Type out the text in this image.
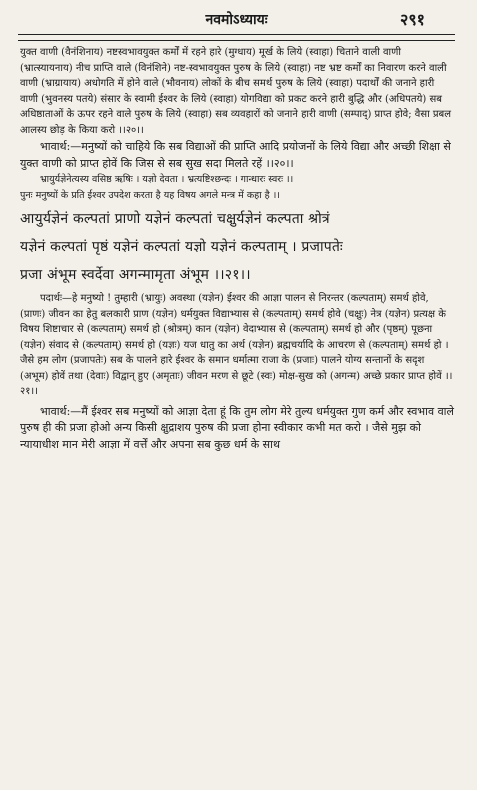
नवमोऽध्यायः	२९१

युक्त वाणी (वैनंशिनाय) नष्टस्वभावयुक्त कर्मों में रहने हारे (मुग्धाय) मूर्ख के लिये (स्वाहा) चिताने वाली वाणी (भ्रात्स्यायनाय) नीच प्राप्ति वाले (विनंशिने) नष्ट-स्वभावयुक्त पुरुष के लिये (स्वाहा) नष्ट भ्रष्ट कर्मों का निवारण करने वाली वाणी (भ्राग्रायाय) अधोगति में होने वाले (भौवनाय) लोकों के बीच समर्थ पुरुष के लिये (स्वाहा) पदार्थों की जनाने हारी वाणी (भुवनस्य पतये) संसार के स्वामी ईश्वर के लिये (स्वाहा) योगविद्या को प्रकट करने हारी बुद्धि और (अधिपतये) सब अधिष्ठाताओं के ऊपर रहने वाले पुरुष के लिये (स्वाहा) सब व्यवहारों को जनाने हारी वाणी (सम्पाद्) प्राप्त होवे; वैसा प्रबल आलस्य छोड़ के किया करो ।।२०।।

भावार्थ:—मनुष्यों को चाहिये कि सब विद्याओं की प्राप्ति आदि प्रयोजनों के लिये विद्या और अच्छी शिक्षा से युक्त वाणी को प्राप्त होवें कि जिस से सब सुख सदा मिलते रहें ।।२०।।

भ्रायुर्यज्ञेनेत्यस्य वसिष्ठ ऋषिः । यज्ञो देवता । भ्रत्यष्टिश्छन्दः । गान्धारः स्वरः ।।

पुनः मनुष्यों के प्रति ईश्वर उपदेश करता है यह विषय अगले मन्त्र में कहा है ।।

आयुर्यज्ञेनं कल्पतां प्राणो यज्ञेनं कल्पतां चक्षुर्यज्ञेनं कल्पता श्रोत्रं
यज्ञेनं कल्पतां पृष्ठं यज्ञेनं कल्पतां यज्ञो यज्ञेनं कल्पताम् । प्रजापतेः
प्रजा अंभूम स्वर्देवा अगन्मामृता अंभूम ।।२१।।

पदार्थः—हे मनुष्यो ! तुम्हारी (भ्रायुः) अवस्था (यज्ञेन) ईश्वर की आज्ञा पालन से निरन्तर (कल्पताम्) समर्थ होवे, (प्राणः) जीवन का हेतु बलकारी प्राण (यज्ञेन) धर्मयुक्त विद्याभ्यास से (कल्पताम्) समर्थ होवे (चक्षुः) नेत्र (यज्ञेन) प्रत्यक्ष के विषय शिष्टाचार से (कल्पताम्) समर्थ हो (श्रोत्रम्) कान (यज्ञेन) वेदाभ्यास से (कल्पताम्) समर्थ हो और (पृष्ठम्) पूछना (यज्ञेन) संवाद से (कल्पताम्) समर्थ हो (यज्ञः) यज धातु का अर्थ (यज्ञेन) ब्रह्मचर्यादि के आचरण से (कल्पताम्) समर्थ हो । जैसे हम लोग (प्रजापतेः) सब के पालने हारे ईश्वर के समान धर्मात्मा राजा के (प्रजाः) पालने योग्य सन्तानों के सदृश (अभूम) होवें तथा (देवाः) विद्वान् हुए (अमृताः) जीवन मरण से छूटे (स्वः) मोक्ष-सुख को (अगन्म) अच्छे प्रकार प्राप्त होवें ।।२१।।

भावार्थ:—मैं ईश्वर सब मनुष्यों को आज्ञा देता हूं कि तुम लोग मेरे तुल्य धर्मयुक्त गुण कर्म और स्वभाव वाले पुरुष ही की प्रजा होओ अन्य किसी क्षुद्राशय पुरुष की प्रजा होना स्वीकार कभी मत करो । जैसे मुझ को न्यायाधीश मान मेरी आज्ञा में वर्त्तें और अपना सब कुछ धर्म के साथ
